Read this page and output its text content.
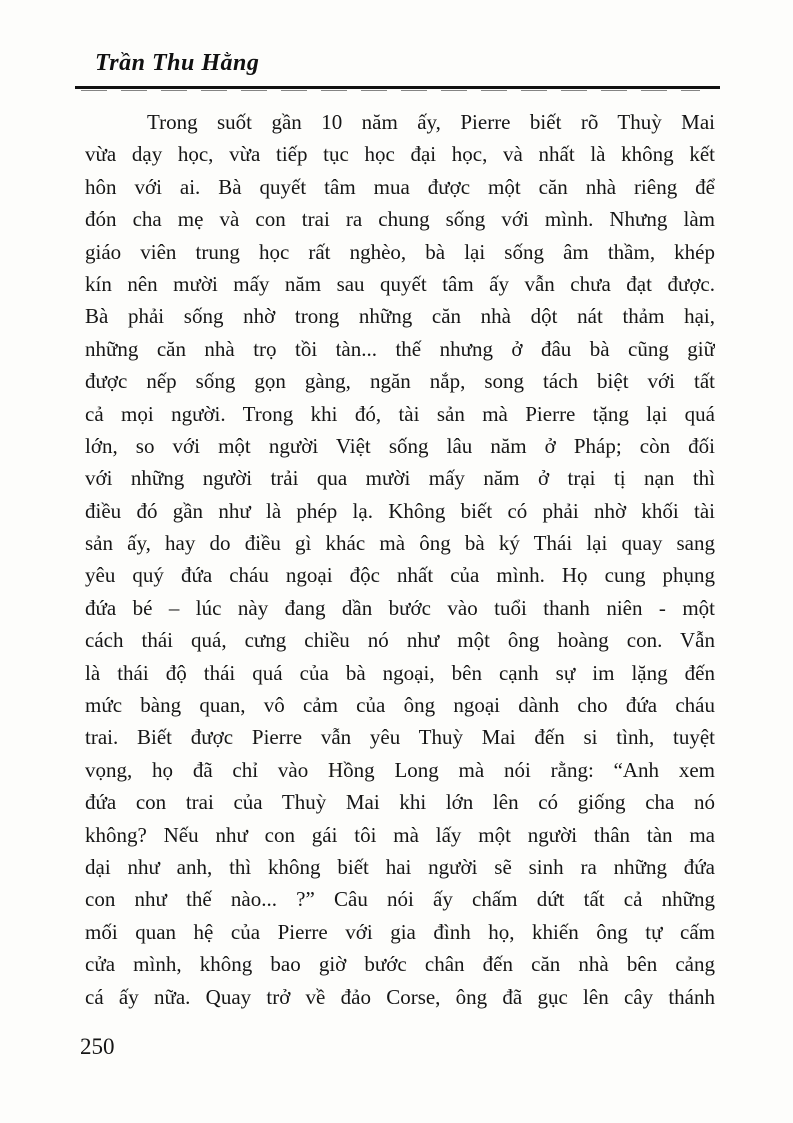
Trần Thu Hằng
Trong suốt gần 10 năm ấy, Pierre biết rõ Thuỳ Mai
vừa dạy học, vừa tiếp tục học đại học, và nhất là không kết
hôn với ai. Bà quyết tâm mua được một căn nhà riêng để
đón cha mẹ và con trai ra chung sống với mình. Nhưng làm
giáo viên trung học rất nghèo, bà lại sống âm thầm, khép
kín nên mười mấy năm sau quyết tâm ấy vẫn chưa đạt được.
Bà phải sống nhờ trong những căn nhà dột nát thảm hại,
những căn nhà trọ tồi tàn... thế nhưng ở đâu bà cũng giữ
được nếp sống gọn gàng, ngăn nắp, song tách biệt với tất
cả mọi người. Trong khi đó, tài sản mà Pierre tặng lại quá
lớn, so với một người Việt sống lâu năm ở Pháp; còn đối
với những người trải qua mười mấy năm ở trại tị nạn thì
điều đó gần như là phép lạ. Không biết có phải nhờ khối tài
sản ấy, hay do điều gì khác mà ông bà ký Thái lại quay sang
yêu quý đứa cháu ngoại độc nhất của mình. Họ cung phụng
đứa bé – lúc này đang dần bước vào tuổi thanh niên - một
cách thái quá, cưng chiều nó như một ông hoàng con. Vẫn
là thái độ thái quá của bà ngoại, bên cạnh sự im lặng đến
mức bàng quan, vô cảm của ông ngoại dành cho đứa cháu
trai. Biết được Pierre vẫn yêu Thuỳ Mai đến si tình, tuyệt
vọng, họ đã chỉ vào Hồng Long mà nói rằng: “Anh xem
đứa con trai của Thuỳ Mai khi lớn lên có giống cha nó
không? Nếu như con gái tôi mà lấy một người thân tàn ma
dại như anh, thì không biết hai người sẽ sinh ra những đứa
con như thế nào... ?” Câu nói ấy chấm dứt tất cả những
mối quan hệ của Pierre với gia đình họ, khiến ông tự cấm
cửa mình, không bao giờ bước chân đến căn nhà bên cảng
cá ấy nữa. Quay trở về đảo Corse, ông đã gục lên cây thánh
250
